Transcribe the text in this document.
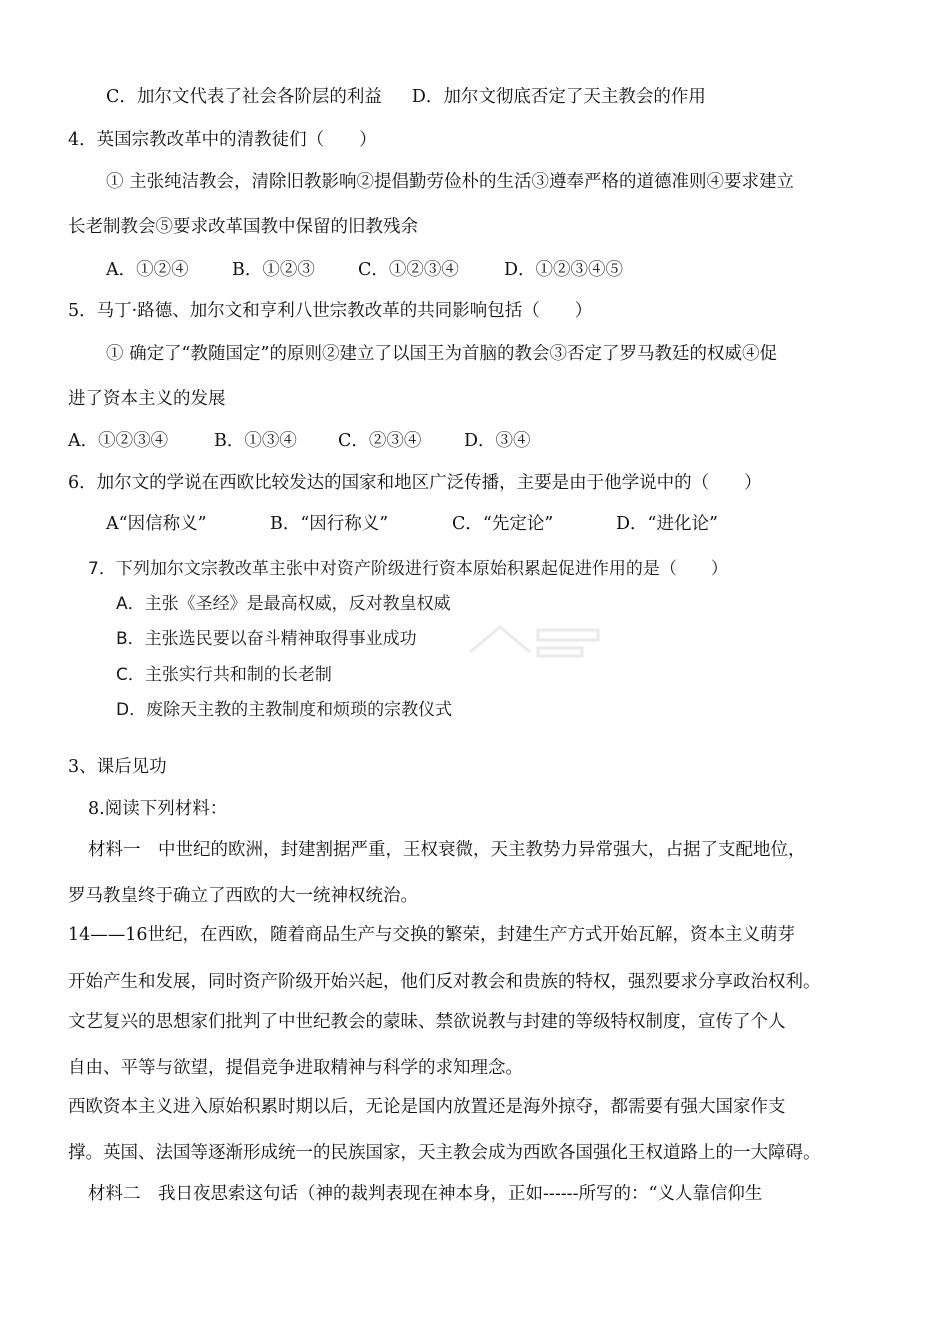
C．加尔文代表了社会各阶层的利益 D．加尔文彻底否定了天主教会的作用
4．英国宗教改革中的清教徒们（　　）
① 主张纯洁教会，清除旧教影响②提倡勤劳俭朴的生活③遵奉严格的道德准则④要求建立
长老制教会⑤要求改革国教中保留的旧教残余
A．①②④ B．①②③ C．①②③④	D．①②③④⑤
5．马丁·路德、加尔文和亨利八世宗教改革的共同影响包括（　　）
① 确定了“教随国定”的原则②建立了以国王为首脑的教会③否定了罗马教廷的权威④促
进了资本主义的发展
A．①②③④	B．①③④ C．②③④ D．③④
6．加尔文的学说在西欧比较发达的国家和地区广泛传播，主要是由于他学说中的（　　）
A“因信称义”	B．“因行称义”	C．“先定论”	D．“进化论”
7．下列加尔文宗教改革主张中对资产阶级进行资本原始积累起促进作用的是（　　）
A．主张《圣经》是最高权威，反对教皇权威
B．主张选民要以奋斗精神取得事业成功
C．主张实行共和制的长老制
D．废除天主教的主教制度和烦琐的宗教仪式
3、课后见功
8.阅读下列材料：
材料一　中世纪的欧洲，封建割据严重，王权衰微，天主教势力异常强大，占据了支配地位，
罗马教皇终于确立了西欧的大一统神权统治。
14——16世纪，在西欧，随着商品生产与交换的繁荣，封建生产方式开始瓦解，资本主义萌芽
开始产生和发展，同时资产阶级开始兴起，他们反对教会和贵族的特权，强烈要求分享政治权利。
文艺复兴的思想家们批判了中世纪教会的蒙昧、禁欲说教与封建的等级特权制度，宣传了个人
自由、平等与欲望，提倡竞争进取精神与科学的求知理念。
西欧资本主义进入原始积累时期以后，无论是国内放置还是海外掠夺，都需要有强大国家作支
撑。英国、法国等逐渐形成统一的民族国家，天主教会成为西欧各国强化王权道路上的一大障碍。
材料二　我日夜思索这句话（神的裁判表现在神本身，正如------所写的：“义人靠信仰生
